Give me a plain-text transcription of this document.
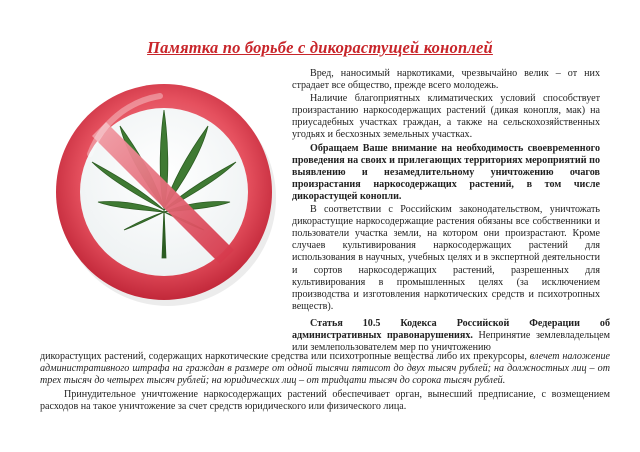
Памятка по борьбе с дикорастущей коноплей

Вред, наносимый наркотиками, чрезвычайно велик – от них страдает все общество, прежде всего молодежь.

Наличие благоприятных климатических условий способствует произрастанию наркосодержащих растений (дикая конопля, мак) на приусадебных участках граждан, а также на сельскохозяйственных угодьях и бесхозных земельных участках.

Обращаем Ваше внимание на необходимость своевременного проведения на своих и прилегающих территориях мероприятий по выявлению и незамедлительному уничтожению очагов произрастания наркосодержащих растений, в том числе дикорастущей конопли.

В соответствии с Российским законодательством, уничтожать дикорастущие наркосодержащие растения обязаны все собственники и пользователи участка земли, на котором они произрастают. Кроме случаев культивирования наркосодержащих растений для использования в научных, учебных целях и в экспертной деятельности и сортов наркосодержащих растений, разрешенных для культивирования в промышленных целях (за исключением производства и изготовления наркотических средств и психотропных веществ).

Статья 10.5 Кодекса Российской Федерации об административных правонарушениях. Непринятие землевладельцем или землепользователем мер по уничтожению

дикорастущих растений, содержащих наркотические средства или психотропные вещества либо их прекурсоры, влечет наложение административного штрафа на граждан в размере от одной тысячи пятисот до двух тысяч рублей; на должностных лиц – от трех тысяч до четырех тысяч рублей; на юридических лиц – от тридцати тысяч до сорока тысяч рублей.

Принудительное уничтожение наркосодержащих растений обеспечивает орган, вынесший предписание, с возмещением расходов на такое уничтожение за счет средств юридического или физического лица.
